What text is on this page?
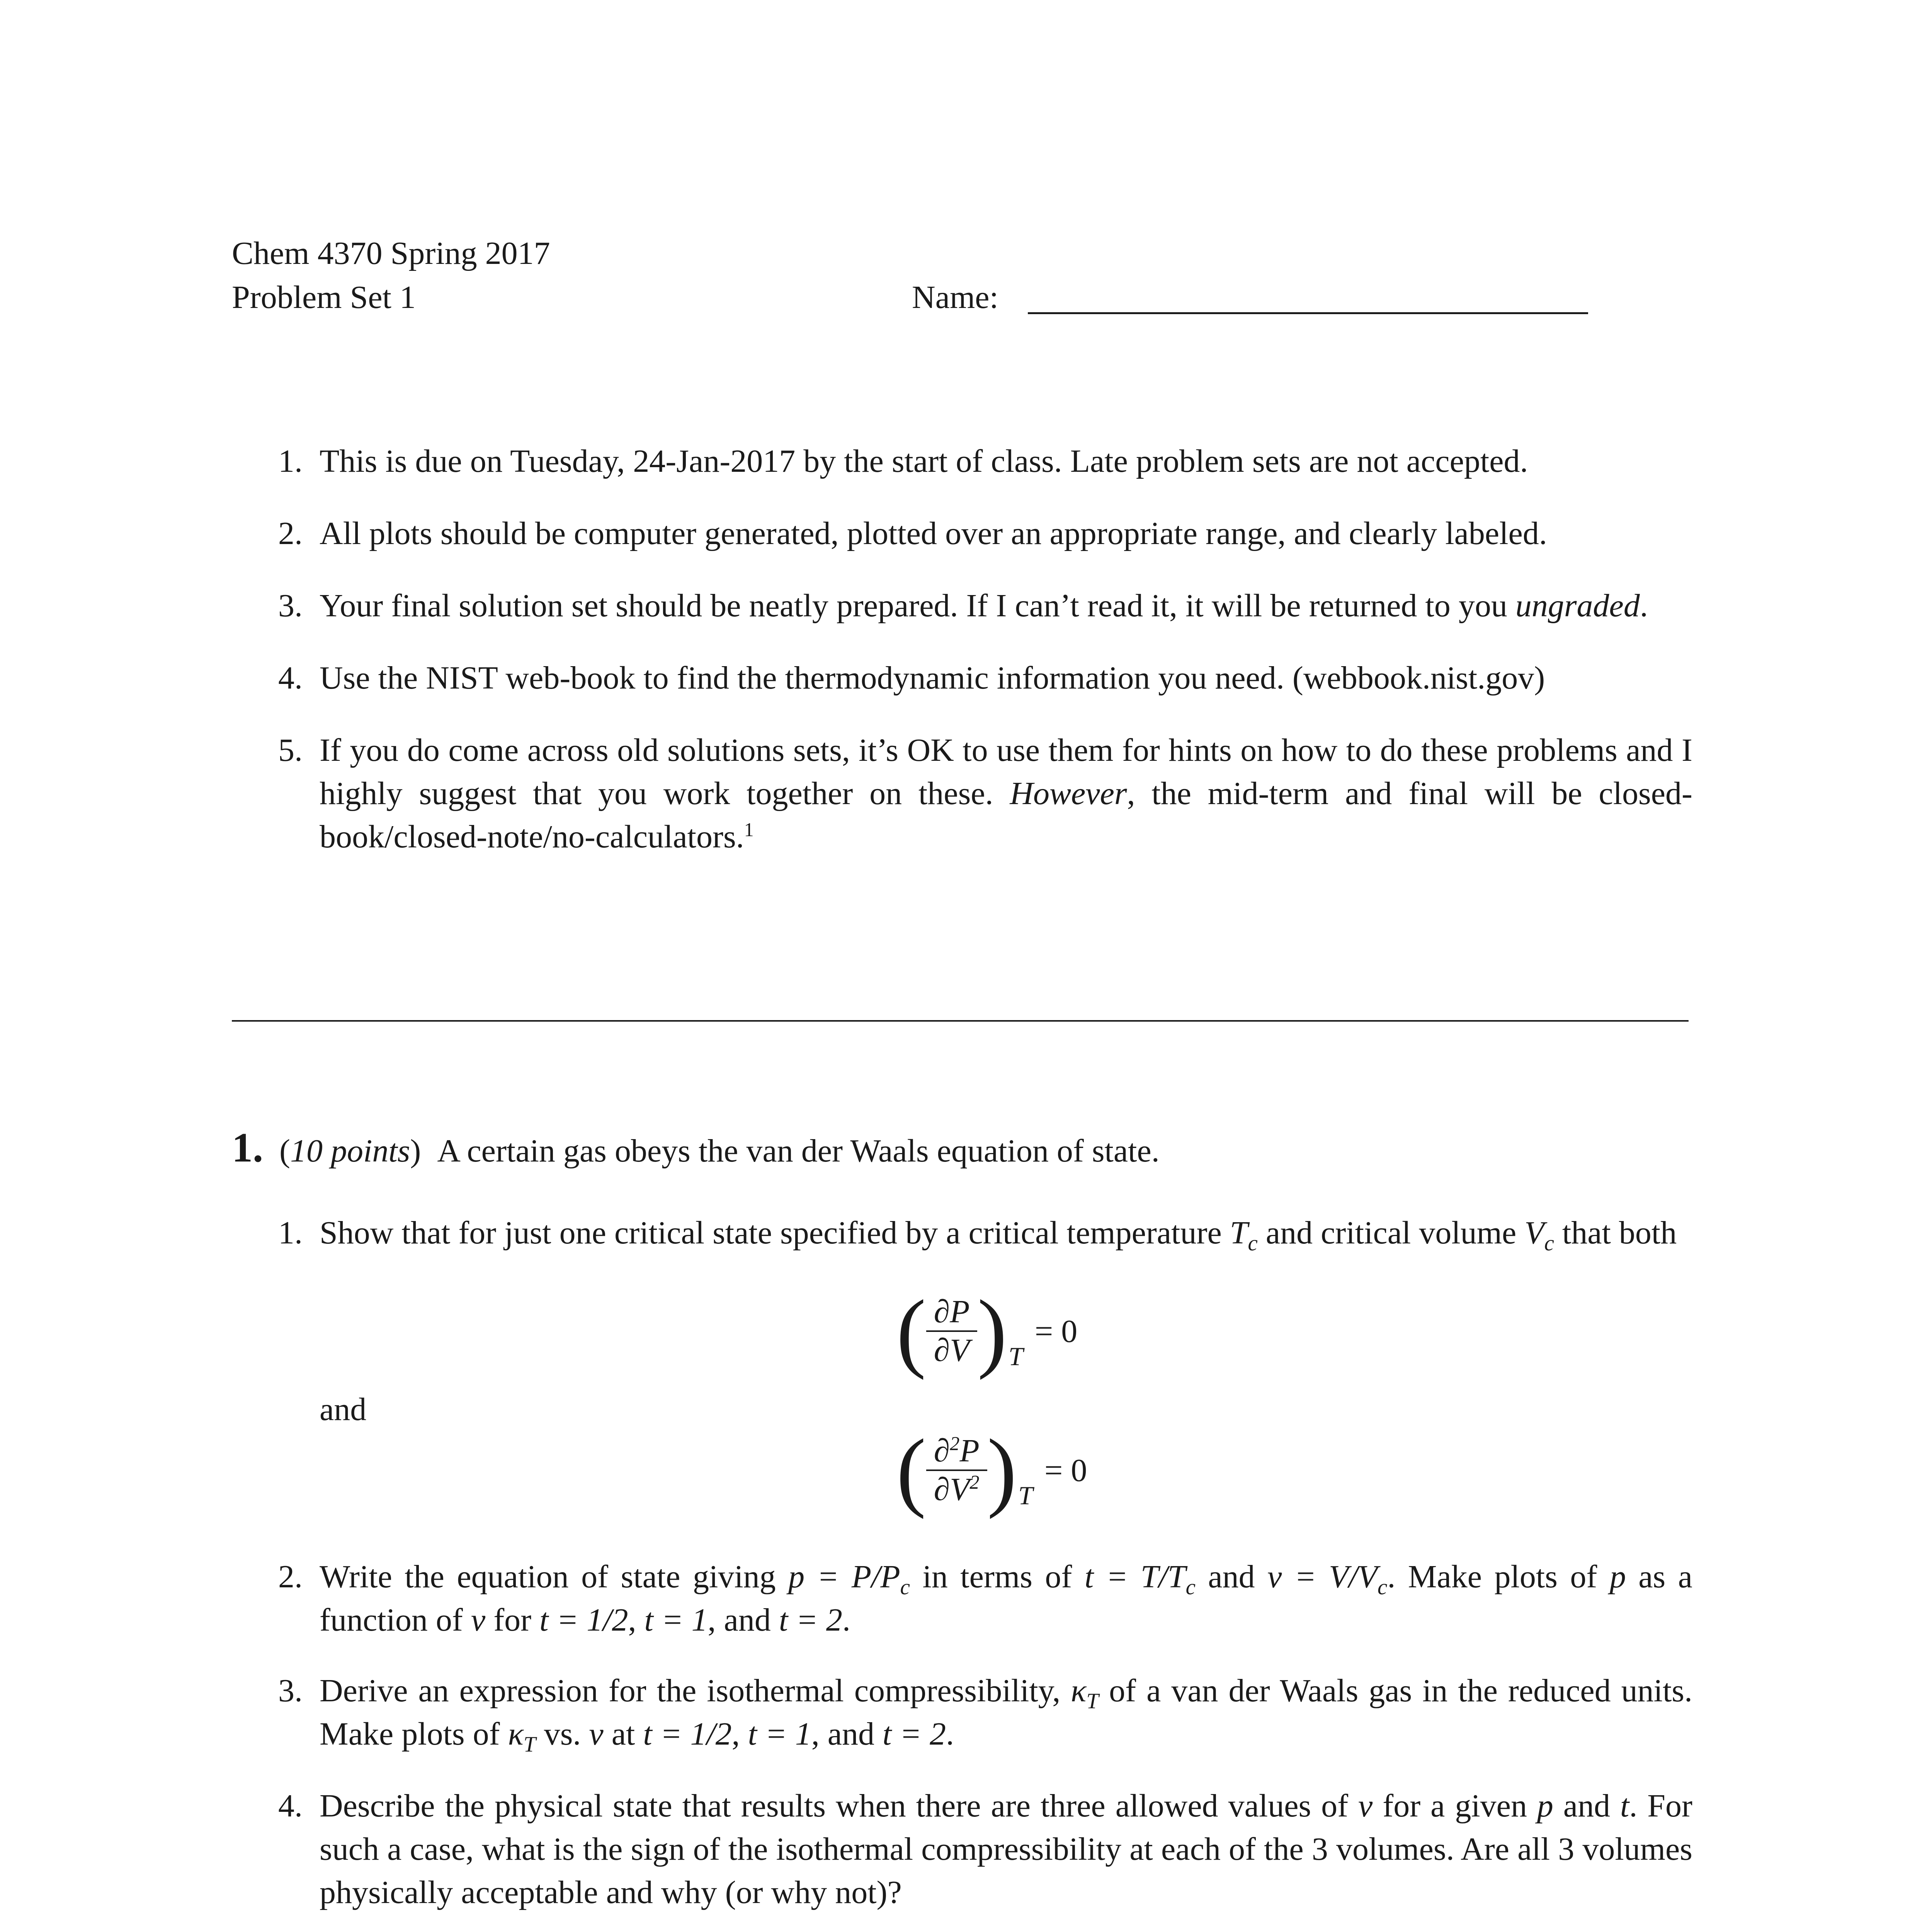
Chem 4370 Spring 2017
Problem Set 1	Name:
1. This is due on Tuesday, 24-Jan-2017 by the start of class. Late problem sets are not accepted.
2. All plots should be computer generated, plotted over an appropriate range, and clearly labeled.
3. Your final solution set should be neatly prepared. If I can’t read it, it will be returned to you ungraded.
4. Use the NIST web-book to find the thermodynamic information you need. (webbook.nist.gov)
5. If you do come across old solutions sets, it’s OK to use them for hints on how to do these problems and I highly suggest that you work together on these. However, the mid-term and final will be closed-book/closed-note/no-calculators.$^1$
1.  (10 points)  A certain gas obeys the van der Waals equation of state.
1. Show that for just one critical state specified by a critical temperature $T_c$ and critical volume $V_c$ that both
( $\frac{\partial P}{\partial V}$ ) T
= 0
and
( $\frac{\partial^2P}{\partial V^2}$ ) T
= 0
2. Write the equation of state giving $p = P/P_c$ in terms of $t = T/T_c$ and $v = V/V_c$. Make plots of p as a function of v for t = 1/2, t = 1, and t = 2.
3. Derive an expression for the isothermal compressibility, $\kappa_T$ of a van der Waals gas in the reduced units. Make plots of $\kappa_T$ vs. v at t = 1/2, t = 1, and t = 2.
4. Describe the physical state that results when there are three allowed values of v for a given p and t. For such a case, what is the sign of the isothermal compressibility at each of the 3 volumes. Are all 3 volumes physically acceptable and why (or why not)?
